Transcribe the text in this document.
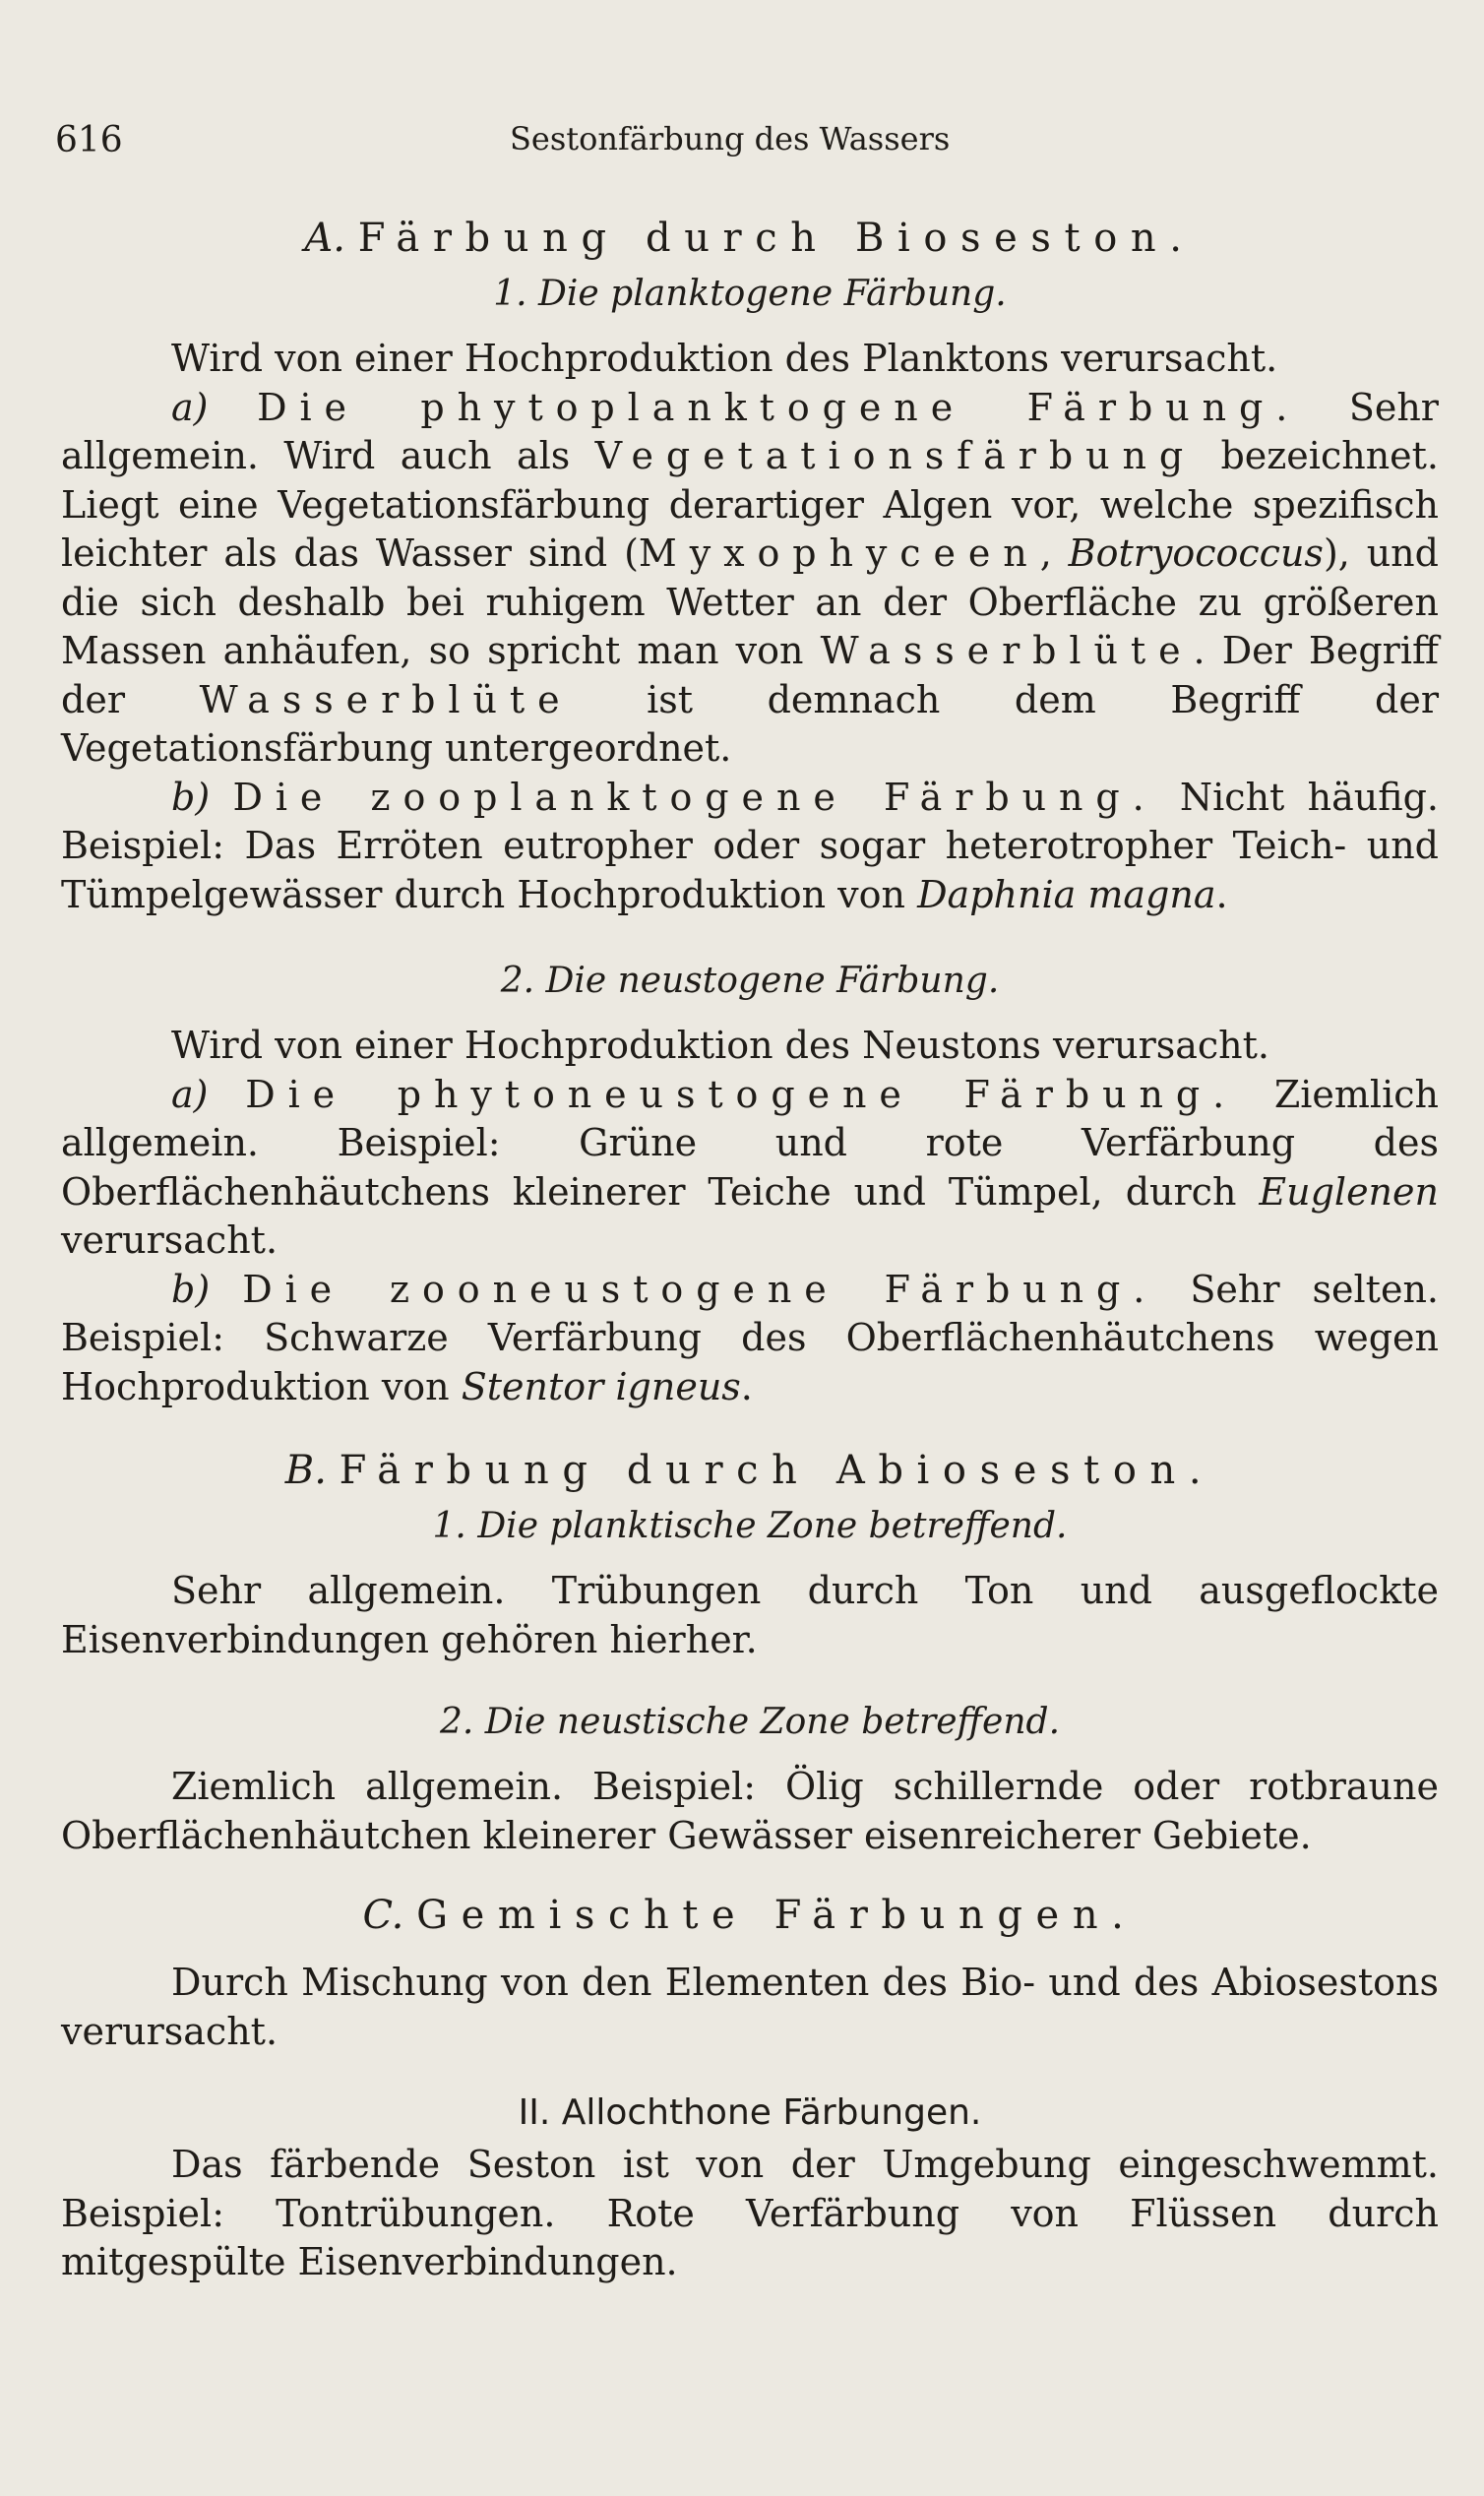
616	Sestonfärbung des Wassers
A. Färbung durch Bioseston.
1. Die planktogene Färbung.

Wird von einer Hochproduktion des Planktons verursacht.

a) Die phytoplanktogene Färbung. Sehr allgemein. Wird auch als Vegetationsfärbung bezeichnet. Liegt eine Vegetationsfärbung derartiger Algen vor, welche spezifisch leichter als das Wasser sind (Myxophyceen, Botryococcus), und die sich deshalb bei ruhigem Wetter an der Oberfläche zu größeren Massen anhäufen, so spricht man von Wasserblüte. Der Begriff der Wasserblüte ist demnach dem Begriff der Vegetationsfärbung untergeordnet.

b) Die zooplanktogene Färbung. Nicht häufig. Beispiel: Das Erröten eutropher oder sogar heterotropher Teich- und Tümpelgewässer durch Hochproduktion von Daphnia magna.

2. Die neustogene Färbung.

Wird von einer Hochproduktion des Neustons verursacht.

a) Die phytoneustogene Färbung. Ziemlich allgemein. Beispiel: Grüne und rote Verfärbung des Oberflächenhäutchens kleinerer Teiche und Tümpel, durch Euglenen verursacht.

b) Die zooneustogene Färbung. Sehr selten. Beispiel: Schwarze Verfärbung des Oberflächenhäutchens wegen Hochproduktion von Stentor igneus.

B. Färbung durch Abioseston.
1. Die planktische Zone betreffend.

Sehr allgemein. Trübungen durch Ton und ausgeflockte Eisenverbindungen gehören hierher.

2. Die neustische Zone betreffend.

Ziemlich allgemein. Beispiel: Ölig schillernde oder rotbraune Oberflächenhäutchen kleinerer Gewässer eisenreicherer Gebiete.

C. Gemischte Färbungen.

Durch Mischung von den Elementen des Bio- und des Abiosestons verursacht.

II. Allochthone Färbungen.

Das färbende Seston ist von der Umgebung eingeschwemmt. Beispiel: Tontrübungen. Rote Verfärbung von Flüssen durch mitgespülte Eisenverbindungen.
